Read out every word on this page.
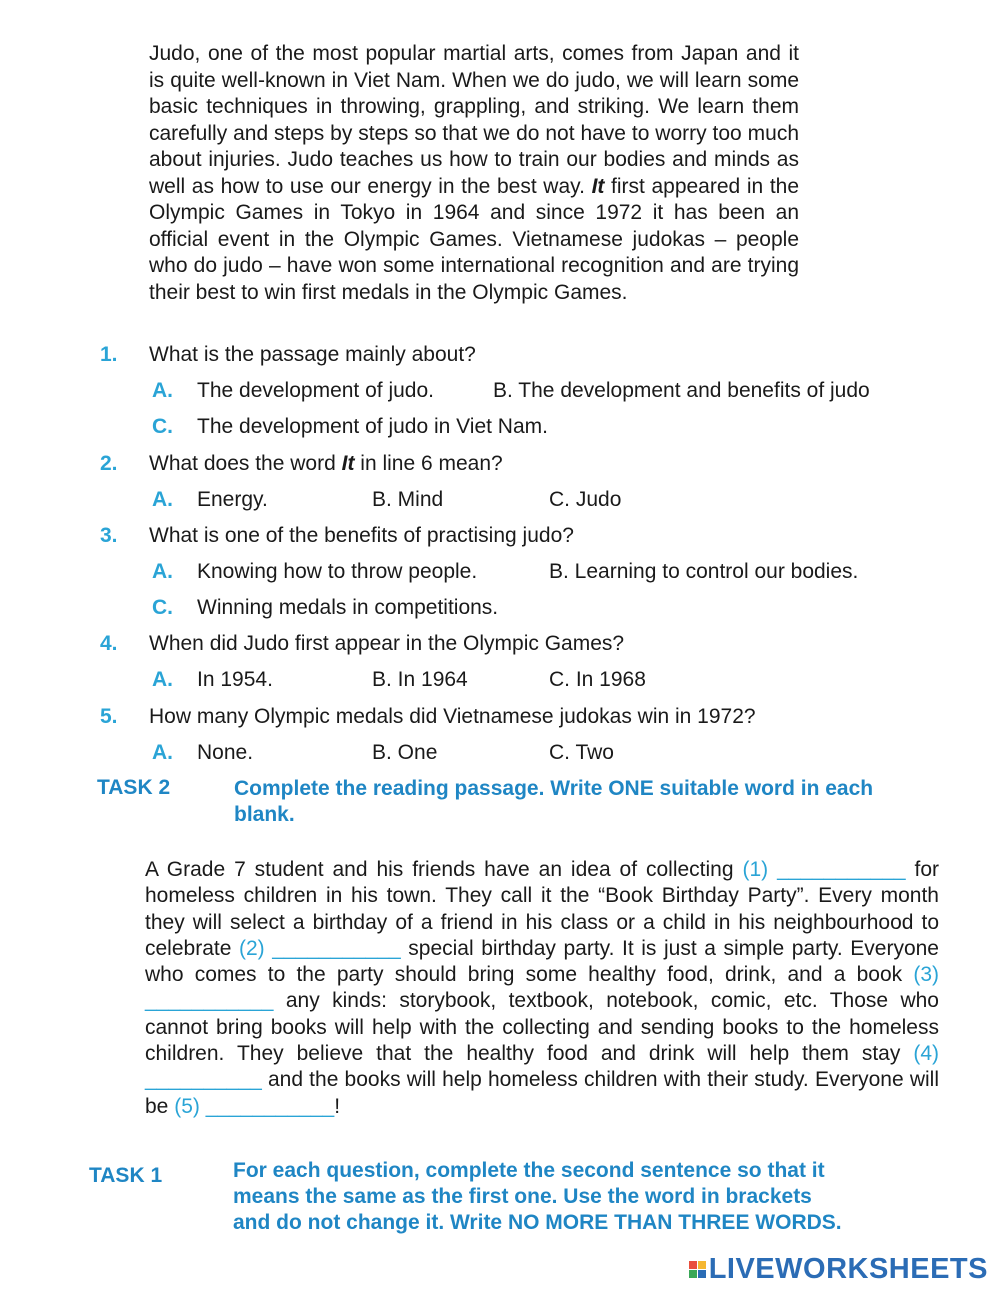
Judo, one of the most popular martial arts, comes from Japan and it is quite well-known in Viet Nam. When we do judo, we will learn some basic techniques in throwing, grappling, and striking. We learn them carefully and steps by steps so that we do not have to worry too much about injuries. Judo teaches us how to train our bodies and minds as well as how to use our energy in the best way. It first appeared in the Olympic Games in Tokyo in 1964 and since 1972 it has been an official event in the Olympic Games. Vietnamese judokas – people who do judo – have won some international recognition and are trying their best to win first medals in the Olympic Games.
1. What is the passage mainly about?
A. The development of judo.	B. The development and benefits of judo
C. The development of judo in Viet Nam.
2. What does the word It in line 6 mean?
A. Energy.	B. Mind	C. Judo
3. What is one of the benefits of practising judo?
A. Knowing how to throw people.	B. Learning to control our bodies.
C. Winning medals in competitions.
4. When did Judo first appear in the Olympic Games?
A. In 1954.	B. In 1964	C. In 1968
5. How many Olympic medals did Vietnamese judokas win in 1972?
A. None.	B. One	C. Two
TASK 2	Complete the reading passage. Write ONE suitable word in each blank.
A Grade 7 student and his friends have an idea of collecting (1) ___________ for homeless children in his town. They call it the “Book Birthday Party”. Every month they will select a birthday of a friend in his class or a child in his neighbourhood to celebrate (2) ___________ special birthday party. It is just a simple party. Everyone who comes to the party should bring some healthy food, drink, and a book (3) ___________ any kinds: storybook, textbook, notebook, comic, etc. Those who cannot bring books will help with the collecting and sending books to the homeless children. They believe that the healthy food and drink will help them stay (4) __________ and the books will help homeless children with their study. Everyone will be (5) ___________!
TASK 1	For each question, complete the second sentence so that it means the same as the first one. Use the word in brackets and do not change it. Write NO MORE THAN THREE WORDS.
LIVEWORKSHEETS
